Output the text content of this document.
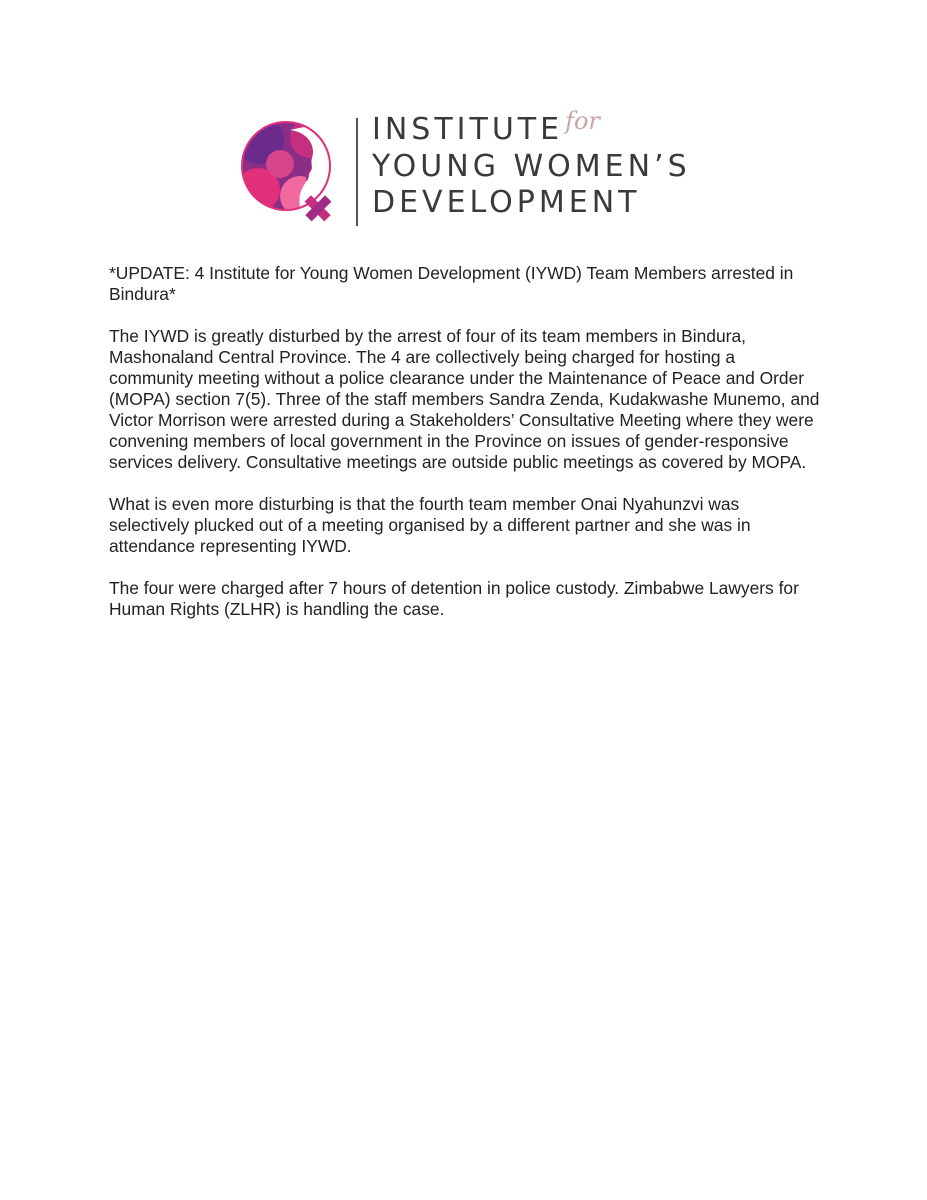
$INSTITUTE^{for}$
YOUNG WOMEN’S
DEVELOPMENT

*UPDATE: 4 Institute for Young Women Development (IYWD) Team Members arrested in Bindura*

The IYWD is greatly disturbed by the arrest of four of its team members in Bindura, Mashonaland Central Province. The 4 are collectively being charged for hosting a community meeting without a police clearance under the Maintenance of Peace and Order (MOPA) section 7(5). Three of the staff members Sandra Zenda, Kudakwashe Munemo, and Victor Morrison were arrested during a Stakeholders’ Consultative Meeting where they were convening members of local government in the Province on issues of gender-responsive services delivery. Consultative meetings are outside public meetings as covered by MOPA.

What is even more disturbing is that the fourth team member Onai Nyahunzvi was selectively plucked out of a meeting organised by a different partner and she was in attendance representing IYWD.

The four were charged after 7 hours of detention in police custody. Zimbabwe Lawyers for Human Rights (ZLHR) is handling the case.
